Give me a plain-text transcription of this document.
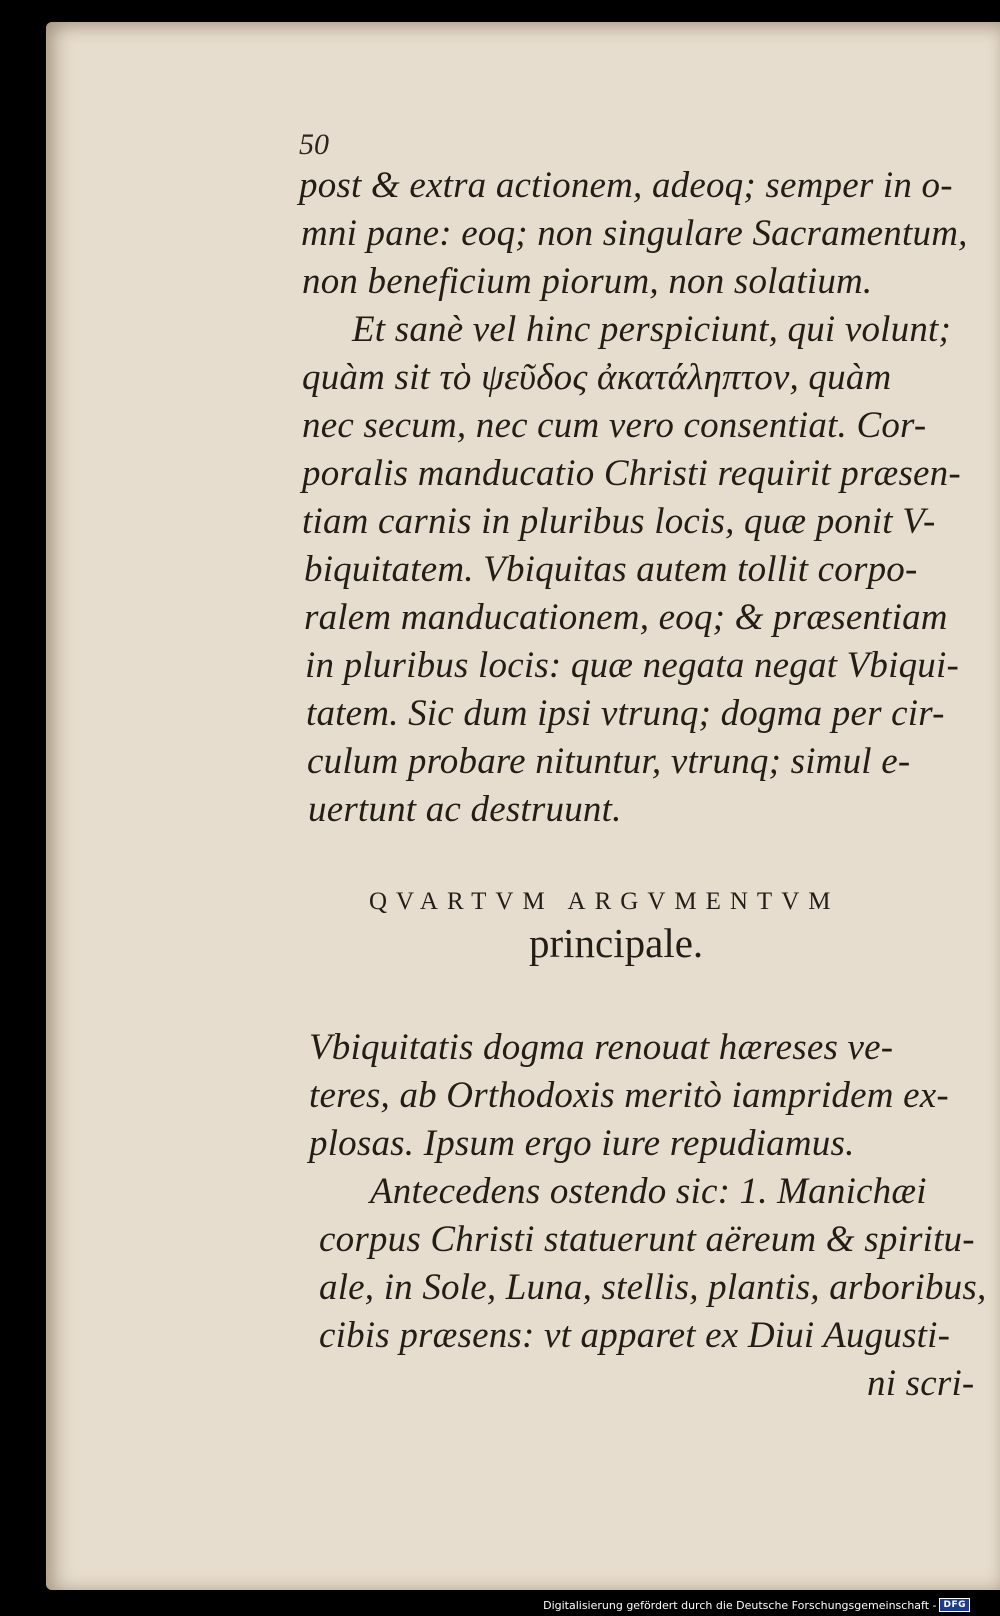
50
post & extra actionem, adeoq; semper in o-
mni pane: eoq; non singulare Sacramentum,
non beneficium piorum, non solatium.
Et sanè vel hinc perspiciunt, qui volunt;
quàm sit τὸ ψεῦδος ἀκατάληπτον, quàm
nec secum, nec cum vero consentiat. Cor-
poralis manducatio Christi requirit præsen-
tiam carnis in pluribus locis, quæ ponit V-
biquitatem. Vbiquitas autem tollit corpo-
ralem manducationem, eoq; & præsentiam
in pluribus locis: quæ negata negat Vbiqui-
tatem. Sic dum ipsi vtrunq; dogma per cir-
culum probare nituntur, vtrunq; simul e-
uertunt ac destruunt.
QVARTVM ARGVMENTVM
principale.
Vbiquitatis dogma renouat hæreses ve-
teres, ab Orthodoxis meritò iampridem ex-
plosas. Ipsum ergo iure repudiamus.
Antecedens ostendo sic: 1. Manichæi
corpus Christi statuerunt aëreum & spiritu-
ale, in Sole, Luna, stellis, plantis, arboribus,
cibis præsens: vt apparet ex Diui Augusti-
ni scri-
Digitalisierung gefördert durch die Deutsche Forschungsgemeinschaft - DFG
